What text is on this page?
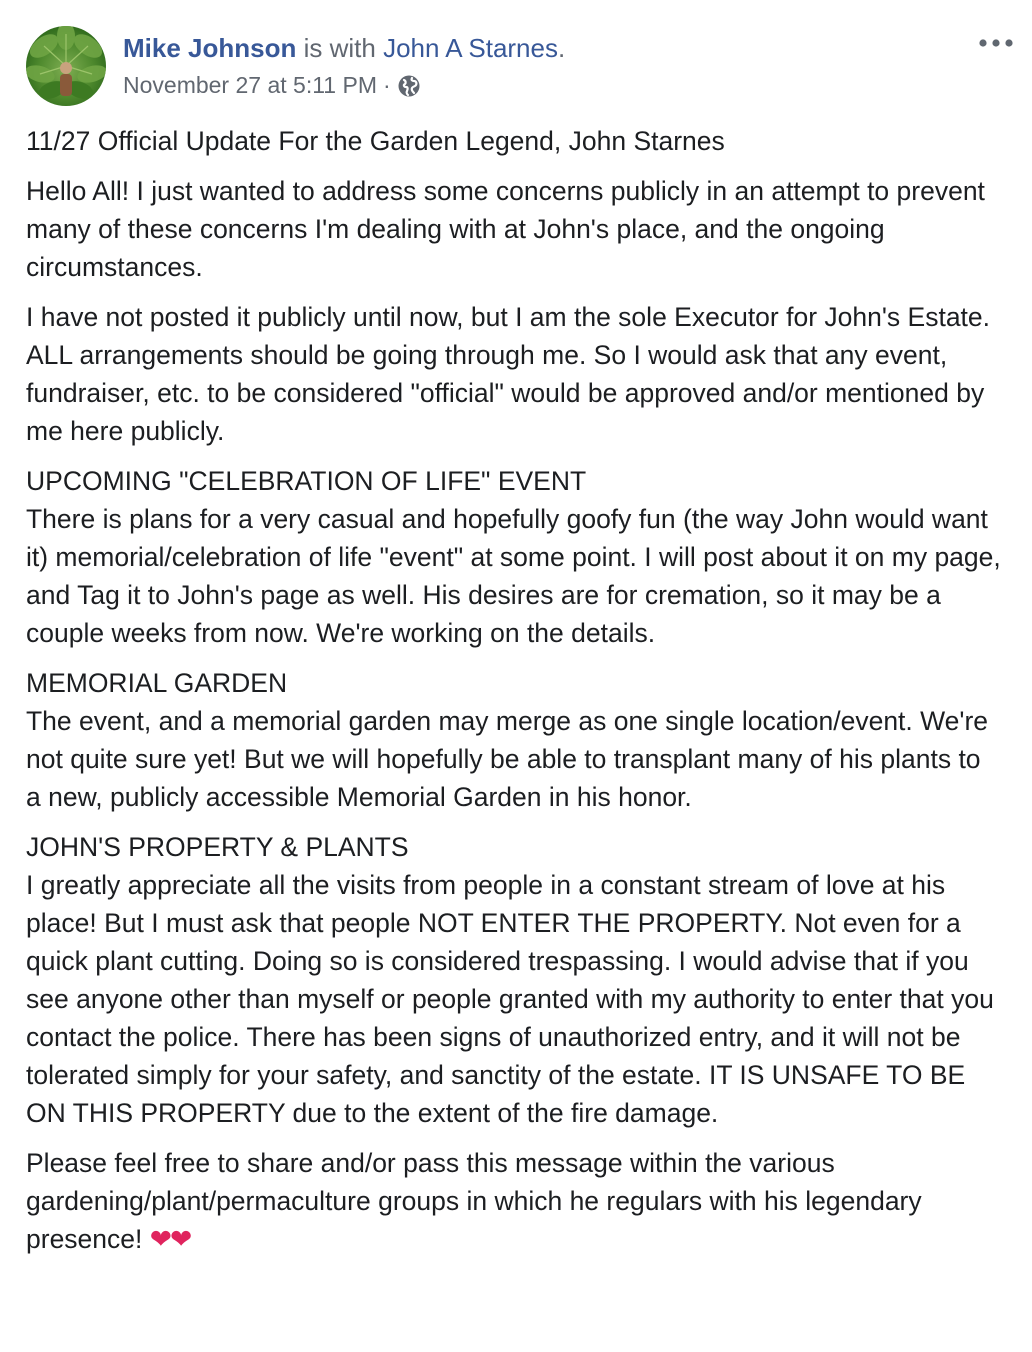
Mike Johnson is with John A Starnes.
November 27 at 5:11 PM ·

11/27 Official Update For the Garden Legend, John Starnes

Hello All! I just wanted to address some concerns publicly in an attempt to prevent many of these concerns I'm dealing with at John's place, and the ongoing circumstances.

I have not posted it publicly until now, but I am the sole Executor for John's Estate. ALL arrangements should be going through me. So I would ask that any event, fundraiser, etc. to be considered "official" would be approved and/or mentioned by me here publicly.

UPCOMING "CELEBRATION OF LIFE" EVENT
There is plans for a very casual and hopefully goofy fun (the way John would want it) memorial/celebration of life "event" at some point. I will post about it on my page, and Tag it to John's page as well. His desires are for cremation, so it may be a couple weeks from now. We're working on the details.

MEMORIAL GARDEN
The event, and a memorial garden may merge as one single location/event. We're not quite sure yet! But we will hopefully be able to transplant many of his plants to a new, publicly accessible Memorial Garden in his honor.

JOHN'S PROPERTY & PLANTS
I greatly appreciate all the visits from people in a constant stream of love at his place! But I must ask that people NOT ENTER THE PROPERTY. Not even for a quick plant cutting. Doing so is considered trespassing. I would advise that if you see anyone other than myself or people granted with my authority to enter that you contact the police. There has been signs of unauthorized entry, and it will not be tolerated simply for your safety, and sanctity of the estate. IT IS UNSAFE TO BE ON THIS PROPERTY due to the extent of the fire damage.

Please feel free to share and/or pass this message within the various gardening/plant/permaculture groups in which he regulars with his legendary presence! ❤❤
